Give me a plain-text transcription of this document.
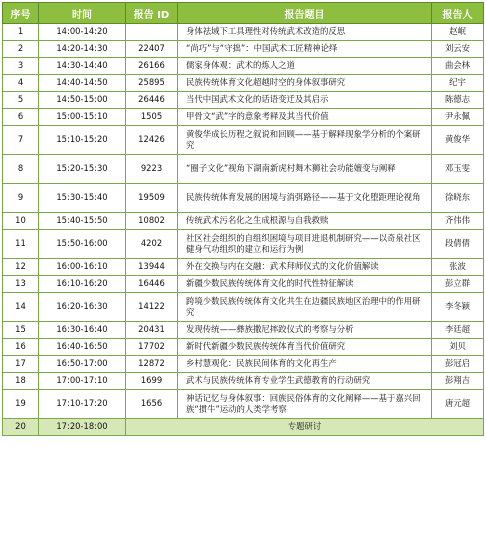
序号	时间	报告 ID	报告题目	报告人
1	14:00-14:20		身体祛域下工具理性对传统武术改造的反思	赵岷
2	14:20-14:30	22407	“尚巧”与“守拙”：中国武术工匠精神论绎	刘云安
3	14:30-14:40	26166	儒家身体观：武术的炼人之道	曲会林
4	14:40-14:50	25895	民族传统体育文化超越时空的身体叙事研究	纪宇
5	14:50-15:00	26446	当代中国武术文化的话语变迁及其启示	陈德志
6	15:00-15:10	1505	甲骨文“武”字的意象考释及其当代价值	尹永佩
7	15:10-15:20	12426	黄俊华成长历程之叙说和回顾——基于解释现象学分析的个案研究	黄俊华
8	15:20-15:30	9223	“圈子文化”视角下湖南新虎村舞木狮社会功能嬗变与阐释	邓玉雯
9	15:30-15:40	19509	民族传统体育发展的困境与消弭路径——基于文化堕距理论视角	徐晓东
10	15:40-15:50	10802	传统武术污名化之生成根源与自我救赎	齐伟伟
11	15:50-16:00	4202	社区社会组织的自组织困境与项目进退机制研究——以奇泉社区健身气功组织的建立和运行为例	段倩倩
12	16:00-16:10	13944	外在交换与内在交融：武术拜师仪式的文化价值解读	张波
13	16:10-16:20	16446	新疆少数民族传统体育文化的时代性特征解读	彭立群
14	16:20-16:30	14122	跨境少数民族传统体育文化共生在边疆民族地区治理中的作用研究	李冬颖
15	16:30-16:40	20431	发现传统——彝族撒尼摔跤仪式的考察与分析	李廷超
16	16:40-16:50	17702	新时代新疆少数民族传统体育当代价值研究	刘贝
17	16:50-17:00	12872	乡村慧观化：民族民间体育的文化再生产	彭冠启
18	17:00-17:10	1699	武术与民族传统体育专业学生武德教育的行动研究	彭翔吉
19	17:10-17:20	1656	神话记忆与身体叙事：回族民俗体育的文化阐释——基于嘉兴回族“掼牛”运动的人类学考察	唐元超
20	17:20-18:00	专题研讨		
